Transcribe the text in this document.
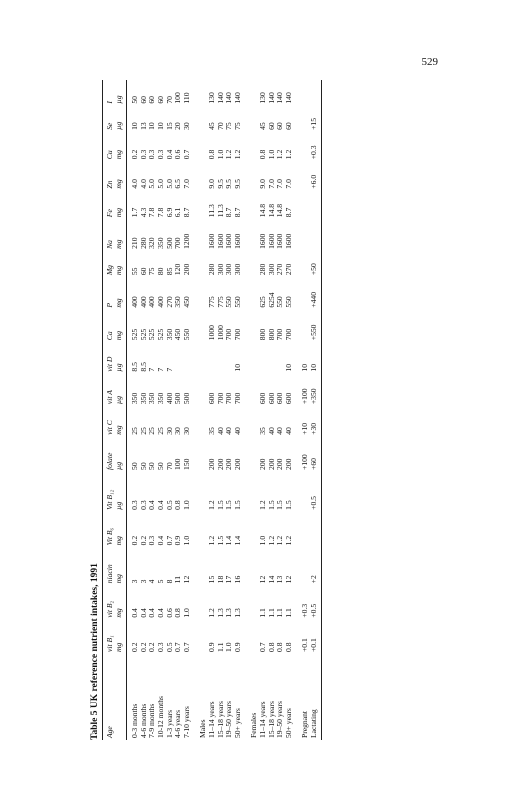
529
Table 5 UK reference nutrient intakes, 1991 Age	vit B₁ mg	vit B₂ mg	niacin mg	Vit B₆ mg	Vit B₁₂ µg	folate µg	vit C mg	vit A µg	vit D µg	Ca mg	P mg	Mg mg	Na mg	Fe mg	Zn mg	Cu mg	Se µg	I µg

0-3 months	0.2	0.4	3	0.2	0.3	50	25	350	8.5	525	400	55	210	1.7	4.0	0.2	10	50
4-6 months	0.2	0.4	3	0.2	0.3	50	25	350	8.5	525	400	60	280	4.3	4.0	0.3	13	60
7-9 months	0.2	0.4	4	0.3	0.4	50	25	350	7	525	400	75	320	7.8	5.0	0.3	10	60
10-12 months	0.3	0.4	5	0.4	0.4	50	25	350	7	525	400	80	350	7.8	5.0	0.3	10	60
1-3 years	0.5	0.6	8	0.7	0.5	70	30	400	7	350	270	85	500	6.9	5.0	0.4	15	70
4-6 years	0.7	0.8	11	0.9	0.8	100	30	500		450	350	120	700	6.1	6.5	0.6	20	100
7-10 years	0.7	1.0	12	1.0	1.0	150	30	500		550	450	200	1200	8.7	7.0	0.7	30	110

Males																		
11–14 years	0.9	1.2	15	1.2	1.2	200	35	600		1000	775	280	1600	11.3	9.0	0.8	45	130
15–18 years	1.1	1.3	18	1.5	1.5	200	40	700		1000	775	300	1600	11.3	9.5	1.0	70	140
19–50 years	1.0	1.3	17	1.4	1.5	200	40	700		700	550	300	1600	8.7	9.5	1.2	75	140
50+ years	0.9	1.3	16	1.4	1.5	200	40	700	10	700	550	300	1600	8.7	9.5	1.2	75	140

Females																		
11–14 years	0.7	1.1	12	1.0	1.2	200	35	600		800	625	280	1600	14.8	9.0	0.8	45	130
15–18 years	0.8	1.1	14	1.2	1.5	200	40	600		800	6254	300	1600	14.8	7.0	1.0	60	140
19–50 years	0.8	1.1	13	1.2	1.5	200	40	600		700	550	270	1600	14.8	7.0	1.2	60	140
50+ years	0.8	1.1	12	1.2	1.5	200	40	600	10	700	550	270	1600	8.7	7.0	1.2	60	140

Pregnant	+0.1	+0.3				+100	+10	+100	10									
Lactating	+0.1	+0.5	+2		+0.5	+60	+30	+350	10	+550	+440	+50			+6.0	+0.3	+15	
